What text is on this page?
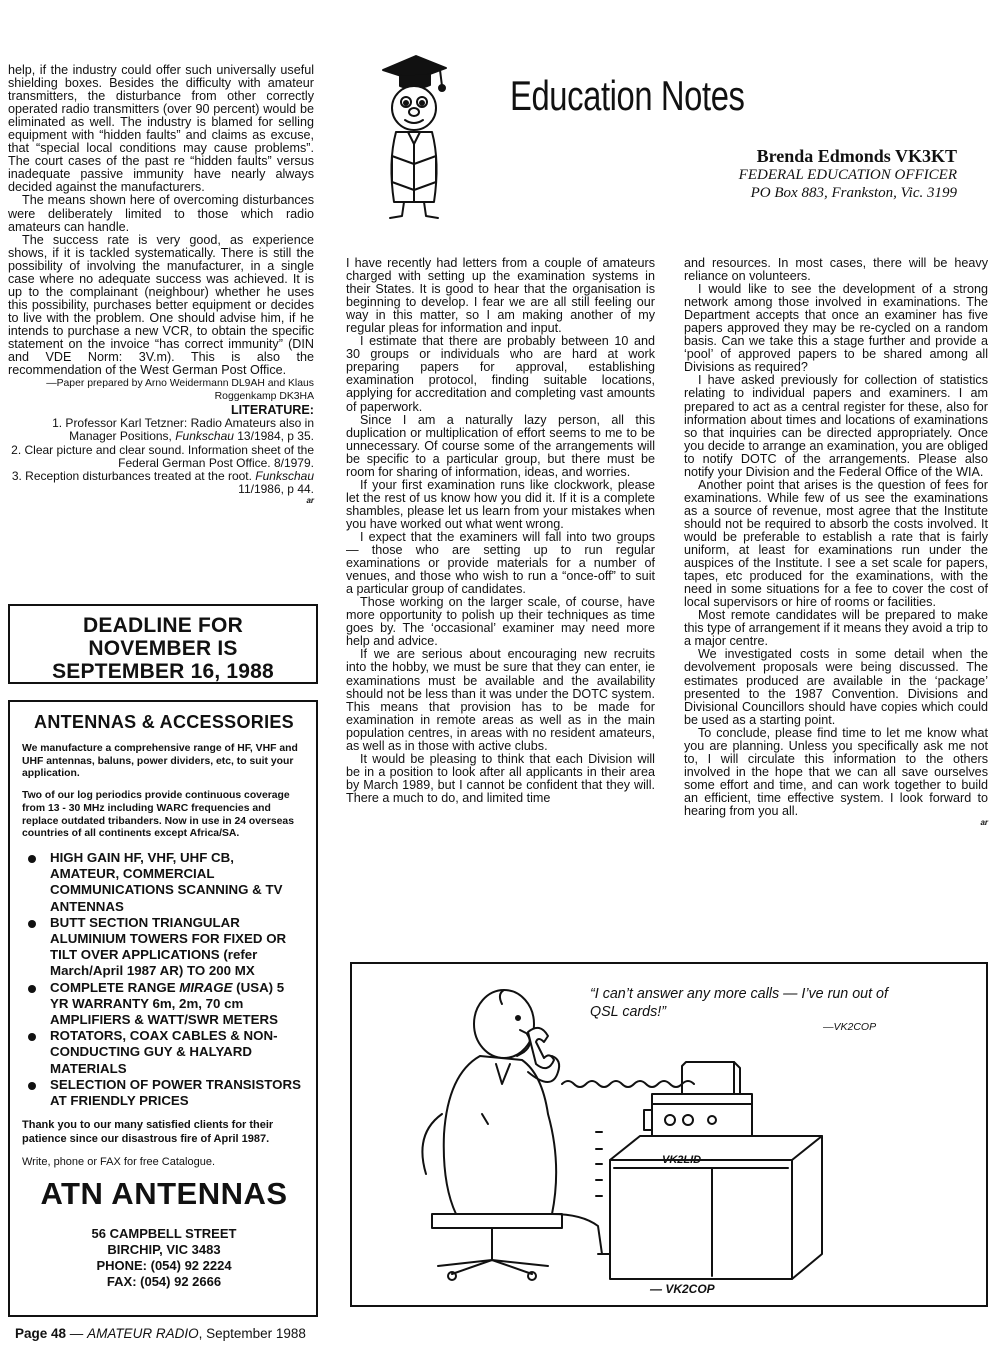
help, if the industry could offer such universally useful shielding boxes. Besides the difficulty with amateur transmitters, the disturbance from other correctly operated radio transmitters (over 90 percent) would be eliminated as well. The industry is blamed for selling equipment with “hidden faults” and claims as excuse, that “special local conditions may cause problems”. The court cases of the past re “hidden faults” versus inadequate passive immunity have nearly always decided against the manufacturers.

The means shown here of overcoming disturbances were deliberately limited to those which radio amateurs can handle.

The success rate is very good, as experience shows, if it is tackled systematically. There is still the possibility of involving the manufacturer, in a single case where no adequate success was achieved. It is up to the complainant (neighbour) whether he uses this possibility, purchases better equipment or decides to live with the problem. One should advise him, if he intends to purchase a new VCR, to obtain the specific statement on the invoice “has correct immunity” (DIN and VDE Norm: 3V.m). This is also the recommendation of the West German Post Office.

—Paper prepared by Arno Weidermann DL9AH and Klaus Roggenkamp DK3HA
LITERATURE:
1. Professor Karl Tetzner: Radio Amateurs also in Manager Positions, Funkschau 13/1984, p 35.
2. Clear picture and clear sound. Information sheet of the Federal German Post Office. 8/1979.
3. Reception disturbances treated at the root. Funkschau 11/1986, p 44.
ar
DEADLINE FOR
NOVEMBER IS
SEPTEMBER 16, 1988
ANTENNAS & ACCESSORIES

We manufacture a comprehensive range of HF, VHF and UHF antennas, baluns, power dividers, etc, to suit your application.

Two of our log periodics provide continuous coverage from 13 - 30 MHz including WARC frequencies and replace outdated tribanders. Now in use in 24 overseas countries of all continents except Africa/SA.

HIGH GAIN HF, VHF, UHF CB, AMATEUR, COMMERCIAL COMMUNICATIONS SCANNING & TV ANTENNAS
BUTT SECTION TRIANGULAR ALUMINIUM TOWERS FOR FIXED OR TILT OVER APPLICATIONS (refer March/April 1987 AR) TO 200 MX
COMPLETE RANGE MIRAGE (USA) 5 YR WARRANTY 6m, 2m, 70 cm AMPLIFIERS & WATT/SWR METERS
ROTATORS, COAX CABLES & NON-CONDUCTING GUY & HALYARD MATERIALS
SELECTION OF POWER TRANSISTORS AT FRIENDLY PRICES

Thank you to our many satisfied clients for their patience since our disastrous fire of April 1987.

Write, phone or FAX for free Catalogue.

ATN ANTENNAS
56 CAMPBELL STREET
BIRCHIP, VIC 3483
PHONE: (054) 92 2224
FAX: (054) 92 2666
Education Notes
Brenda Edmonds VK3KT
FEDERAL EDUCATION OFFICER
PO Box 883, Frankston, Vic. 3199

I have recently had letters from a couple of amateurs charged with setting up the examination systems in their States. It is good to hear that the organisation is beginning to develop. I fear we are all still feeling our way in this matter, so I am making another of my regular pleas for information and input.

I estimate that there are probably between 10 and 30 groups or individuals who are hard at work preparing papers for approval, establishing examination protocol, finding suitable locations, applying for accreditation and completing vast amounts of paperwork.

Since I am a naturally lazy person, all this duplication or multiplication of effort seems to me to be unnecessary. Of course some of the arrangements will be specific to a particular group, but there must be room for sharing of information, ideas, and worries.

If your first examination runs like clockwork, please let the rest of us know how you did it. If it is a complete shambles, please let us learn from your mistakes when you have worked out what went wrong.

I expect that the examiners will fall into two groups — those who are setting up to run regular examinations or provide materials for a number of venues, and those who wish to run a “once-off” to suit a particular group of candidates.

Those working on the larger scale, of course, have more opportunity to polish up their techniques as time goes by. The ‘occasional’ examiner may need more help and advice.

If we are serious about encouraging new recruits into the hobby, we must be sure that they can enter, ie examinations must be available and the availability should not be less than it was under the DOTC system. This means that provision has to be made for examination in remote areas as well as in the main population centres, in areas with no resident amateurs, as well as in those with active clubs.

It would be pleasing to think that each Division will be in a position to look after all applicants in their area by March 1989, but I cannot be confident that they will. There a much to do, and limited time

and resources. In most cases, there will be heavy reliance on volunteers.

I would like to see the development of a strong network among those involved in examinations. The Department accepts that once an examiner has five papers approved they may be re-cycled on a random basis. Can we take this a stage further and provide a ‘pool’ of approved papers to be shared among all Divisions as required?

I have asked previously for collection of statistics relating to individual papers and examiners. I am prepared to act as a central register for these, also for information about times and locations of examinations so that inquiries can be directed appropriately. Once you decide to arrange an examination, you are obliged to notify DOTC of the arrangements. Please also notify your Division and the Federal Office of the WIA.

Another point that arises is the question of fees for examinations. While few of us see the examinations as a source of revenue, most agree that the Institute should not be required to absorb the costs involved. It would be preferable to establish a rate that is fairly uniform, at least for examinations run under the auspices of the Institute. I see a set scale for papers, tapes, etc produced for the examinations, with the need in some situations for a fee to cover the cost of local supervisors or hire of rooms or facilities.

Most remote candidates will be prepared to make this type of arrangement if it means they avoid a trip to a major centre.

We investigated costs in some detail when the devolvement proposals were being discussed. The estimates produced are available in the ‘package’ presented to the 1987 Convention. Divisions and Divisional Councillors should have copies which could be used as a starting point.

To conclude, please find time to let me know what you are planning. Unless you specifically ask me not to, I will circulate this information to the others involved in the hope that we can all save ourselves some effort and time, and can work together to build an efficient, time effective system. I look forward to hearing from you all.

ar
VK2LID
— VK2COP
“I can’t answer any more calls — I’ve run out of QSL cards!”
—VK2COP
Page 48 — AMATEUR RADIO, September 1988
